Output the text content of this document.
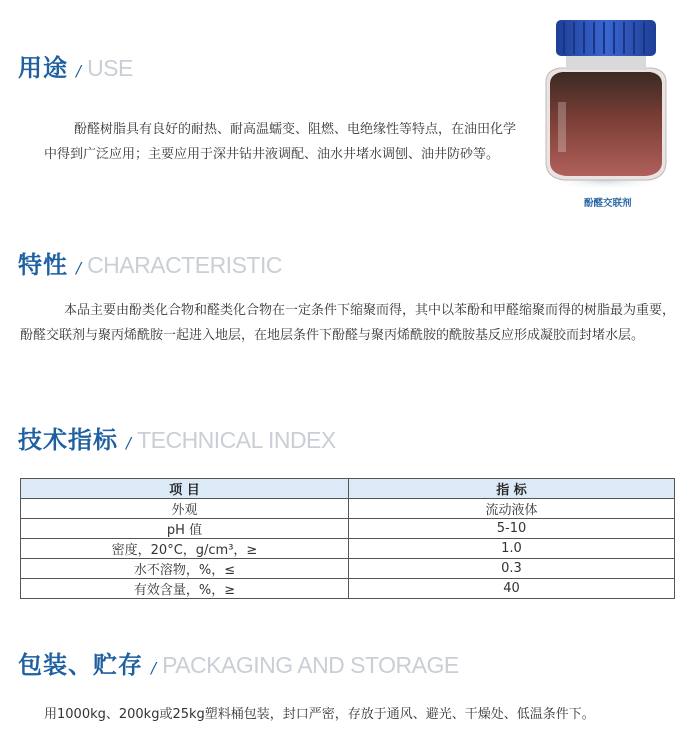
用途 / USE

酚醛树脂具有良好的耐热、耐高温蠕变、阻燃、电绝缘性等特点，在油田化学中得到广泛应用；主要应用于深井钻井液调配、油水井堵水调刨、油井防砂等。

酚醛交联剂
特性 / CHARACTERISTIC

本品主要由酚类化合物和醛类化合物在一定条件下缩聚而得，其中以苯酚和甲醛缩聚而得的树脂最为重要，酚醛交联剂与聚丙烯酰胺一起进入地层，在地层条件下酚醛与聚丙烯酰胺的酰胺基反应形成凝胶而封堵水层。

技术指标 / TECHNICAL INDEX
项 目	指 标
外观	流动液体
pH 值	5-10
密度，20°C，g/cm³，≥	1.0
水不溶物，%，≤	0.3
有效含量，%，≥	40
包装、贮存 / PACKAGING AND STORAGE

用1000kg、200kg或25kg塑料桶包装，封口严密，存放于通风、避光、干燥处、低温条件下。
